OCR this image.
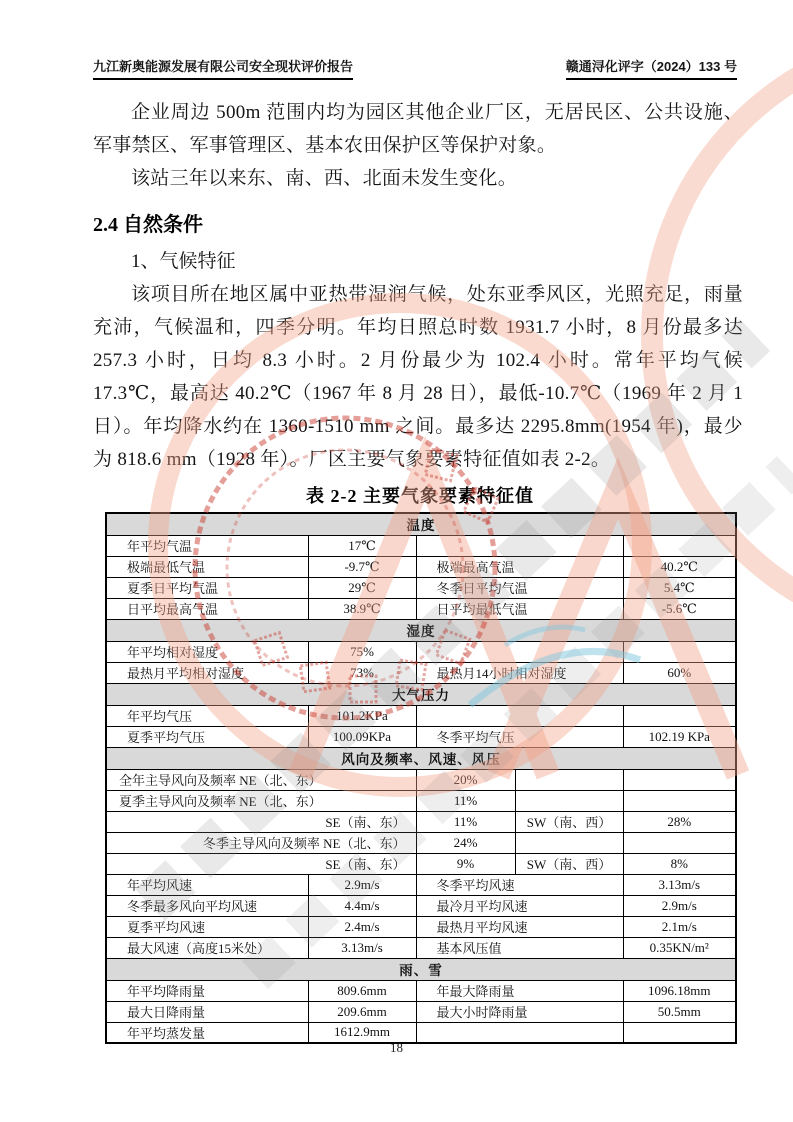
九江新奥能源发展有限公司安全现状评价报告	赣通浔化评字（2024）133 号

企业周边 500m 范围内均为园区其他企业厂区，无居民区、公共设施、军事禁区、军事管理区、基本农田保护区等保护对象。

该站三年以来东、南、西、北面未发生变化。

2.4 自然条件

1、气候特征

该项目所在地区属中亚热带湿润气候，处东亚季风区，光照充足，雨量充沛，气候温和，四季分明。年均日照总时数 1931.7 小时，8 月份最多达 257.3 小时，日均 8.3 小时。2 月份最少为 102.4 小时。常年平均气候 17.3℃，最高达 40.2℃（1967 年 8 月 28 日），最低-10.7℃（1969 年 2 月 1 日）。年均降水约在 1360-1510 mm 之间。最多达 2295.8mm(1954 年)，最少为 818.6 mm（1928 年）。厂区主要气象要素特征值如表 2-2。

表 2-2 主要气象要素特征值
温度				
年平均气温	17℃			
极端最低气温	-9.7℃	极端最高气温		40.2℃
夏季日平均气温	29℃	冬季日平均气温		5.4℃
日平均最高气温	38.9℃	日平均最低气温		-5.6℃
湿度				
年平均相对湿度	75%			
最热月平均相对湿度	73%	最热月14小时相对湿度		60%
大气压力				
年平均气压	101.2KPa			
夏季平均气压	100.09KPa	冬季平均气压		102.19 KPa
风向及频率、风速、风压				
全年主导风向及频率 NE（北、东）		20%		
夏季主导风向及频率 NE（北、东）		11%		
SE（南、东）		11%	SW（南、西）	28%
冬季主导风向及频率 NE（北、东）		24%		
SE（南、东）		9%	SW（南、西）	8%
年平均风速	2.9m/s	冬季平均风速		3.13m/s
冬季最多风向平均风速	4.4m/s	最冷月平均风速		2.9m/s
夏季平均风速	2.4m/s	最热月平均风速		2.1m/s
最大风速（高度15米处）	3.13m/s	基本风压值		0.35KN/m²
雨、雪				
年平均降雨量	809.6mm	年最大降雨量		1096.18mm
最大日降雨量	209.6mm	最大小时降雨量		50.5mm
年平均蒸发量	1612.9mm			
18
